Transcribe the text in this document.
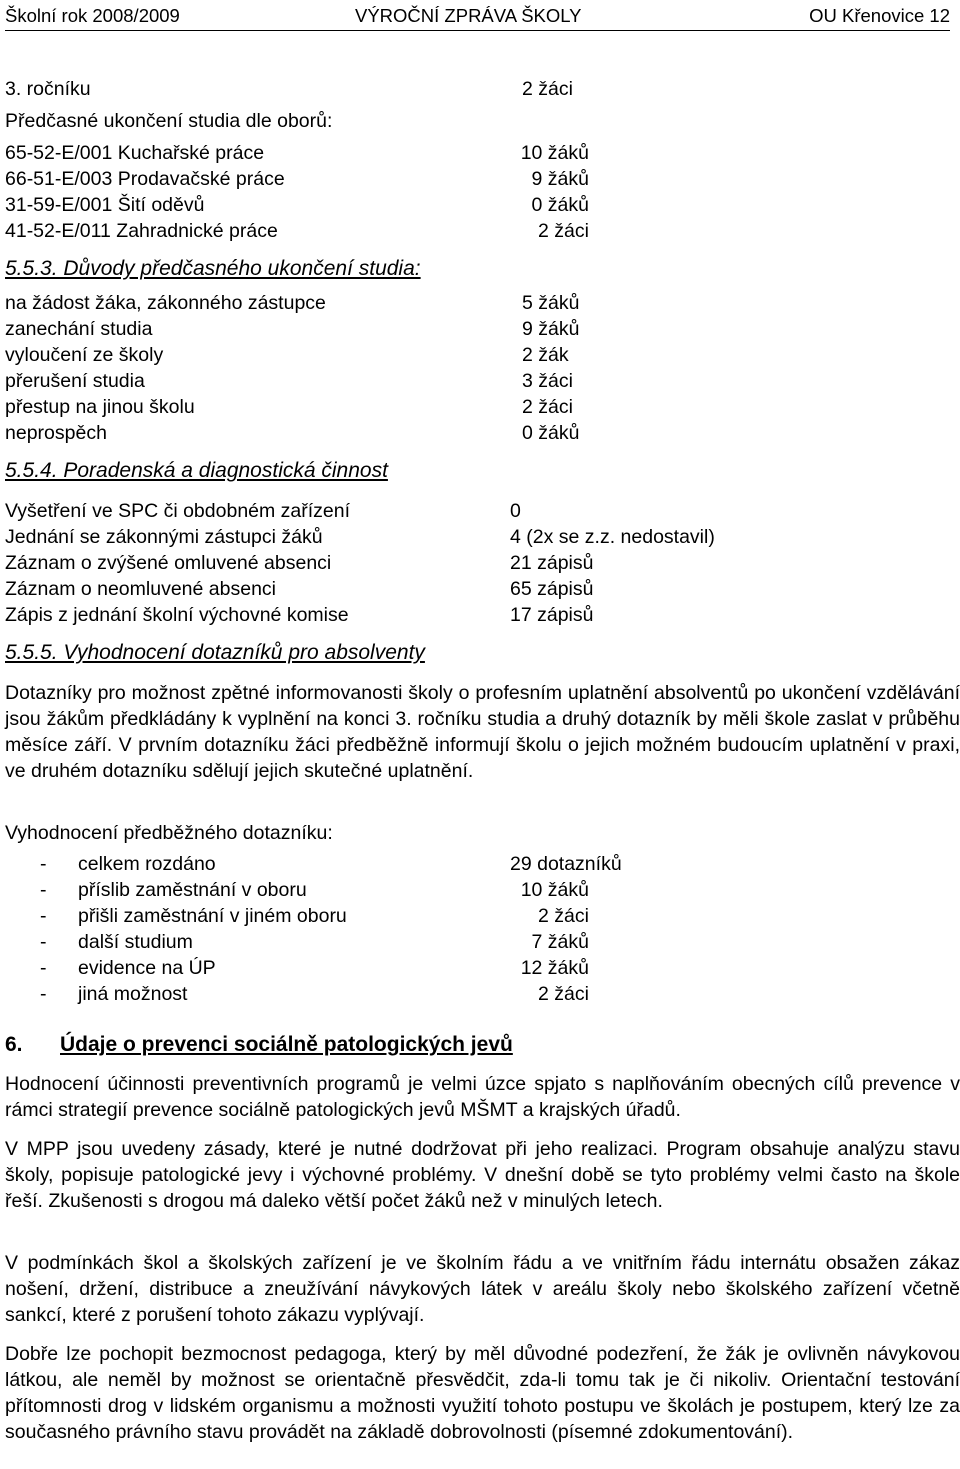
Školní rok 2008/2009	VÝROČNÍ ZPRÁVA ŠKOLY	OU Křenovice 12
3. ročníku	2 žáci
Předčasné ukončení studia dle oborů:
65-52-E/001 Kuchařské práce	10 žáků
66-51-E/003 Prodavačské práce	9 žáků
31-59-E/001 Šití oděvů	0 žáků
41-52-E/011 Zahradnické práce	2 žáci
5.5.3. Důvody předčasného ukončení studia:
na žádost žáka, zákonného zástupce	5 žáků
zanechání studia	9 žáků
vyloučení ze školy	2 žák
přerušení studia	3 žáci
přestup na jinou školu	2 žáci
neprospěch	0 žáků
5.5.4. Poradenská a diagnostická činnost
Vyšetření ve SPC či obdobném zařízení	0
Jednání se zákonnými zástupci žáků	4 (2x se z.z. nedostavil)
Záznam o zvýšené omluvené absenci	21 zápisů
Záznam o neomluvené absenci	65 zápisů
Zápis z jednání školní výchovné komise	17 zápisů
5.5.5. Vyhodnocení dotazníků pro absolventy
Dotazníky pro možnost zpětné informovanosti školy o profesním uplatnění absolventů po ukončení vzdělávání jsou žákům předkládány k vyplnění na konci 3. ročníku studia a druhý dotazník by měli škole zaslat v průběhu měsíce září. V prvním dotazníku žáci předběžně informují školu o jejich možném budoucím uplatnění v praxi, ve druhém dotazníku sdělují jejich skutečné uplatnění.
Vyhodnocení předběžného dotazníku:
- celkem rozdáno	29 dotazníků
- příslib zaměstnání v oboru	10 žáků
- přišli zaměstnání v jiném oboru	2 žáci
- další studium	7 žáků
- evidence na ÚP	12 žáků
- jiná možnost	2 žáci
6. Údaje o prevenci sociálně patologických jevů
Hodnocení účinnosti preventivních programů je velmi úzce spjato s naplňováním obecných cílů prevence v rámci strategií prevence sociálně patologických jevů MŠMT a krajských úřadů.
V MPP jsou uvedeny zásady, které je nutné dodržovat při jeho realizaci. Program obsahuje analýzu stavu školy, popisuje patologické jevy i výchovné problémy. V dnešní době se tyto problémy velmi často na škole řeší. Zkušenosti s drogou má daleko větší počet žáků než v minulých letech.
V podmínkách škol a školských zařízení je ve školním řádu a ve vnitřním řádu internátu obsažen zákaz nošení, držení, distribuce a zneužívání návykových látek v areálu školy nebo školského zařízení včetně sankcí, které z porušení tohoto zákazu vyplývají.
Dobře lze pochopit bezmocnost pedagoga, který by měl důvodné podezření, že žák je ovlivněn návykovou látkou, ale neměl by možnost se orientačně přesvědčit, zda-li tomu tak je či nikoliv. Orientační testování přítomnosti drog v lidském organismu a možnosti využití tohoto postupu ve školách je postupem, který lze za současného právního stavu provádět na základě dobrovolnosti (písemné zdokumentování).
